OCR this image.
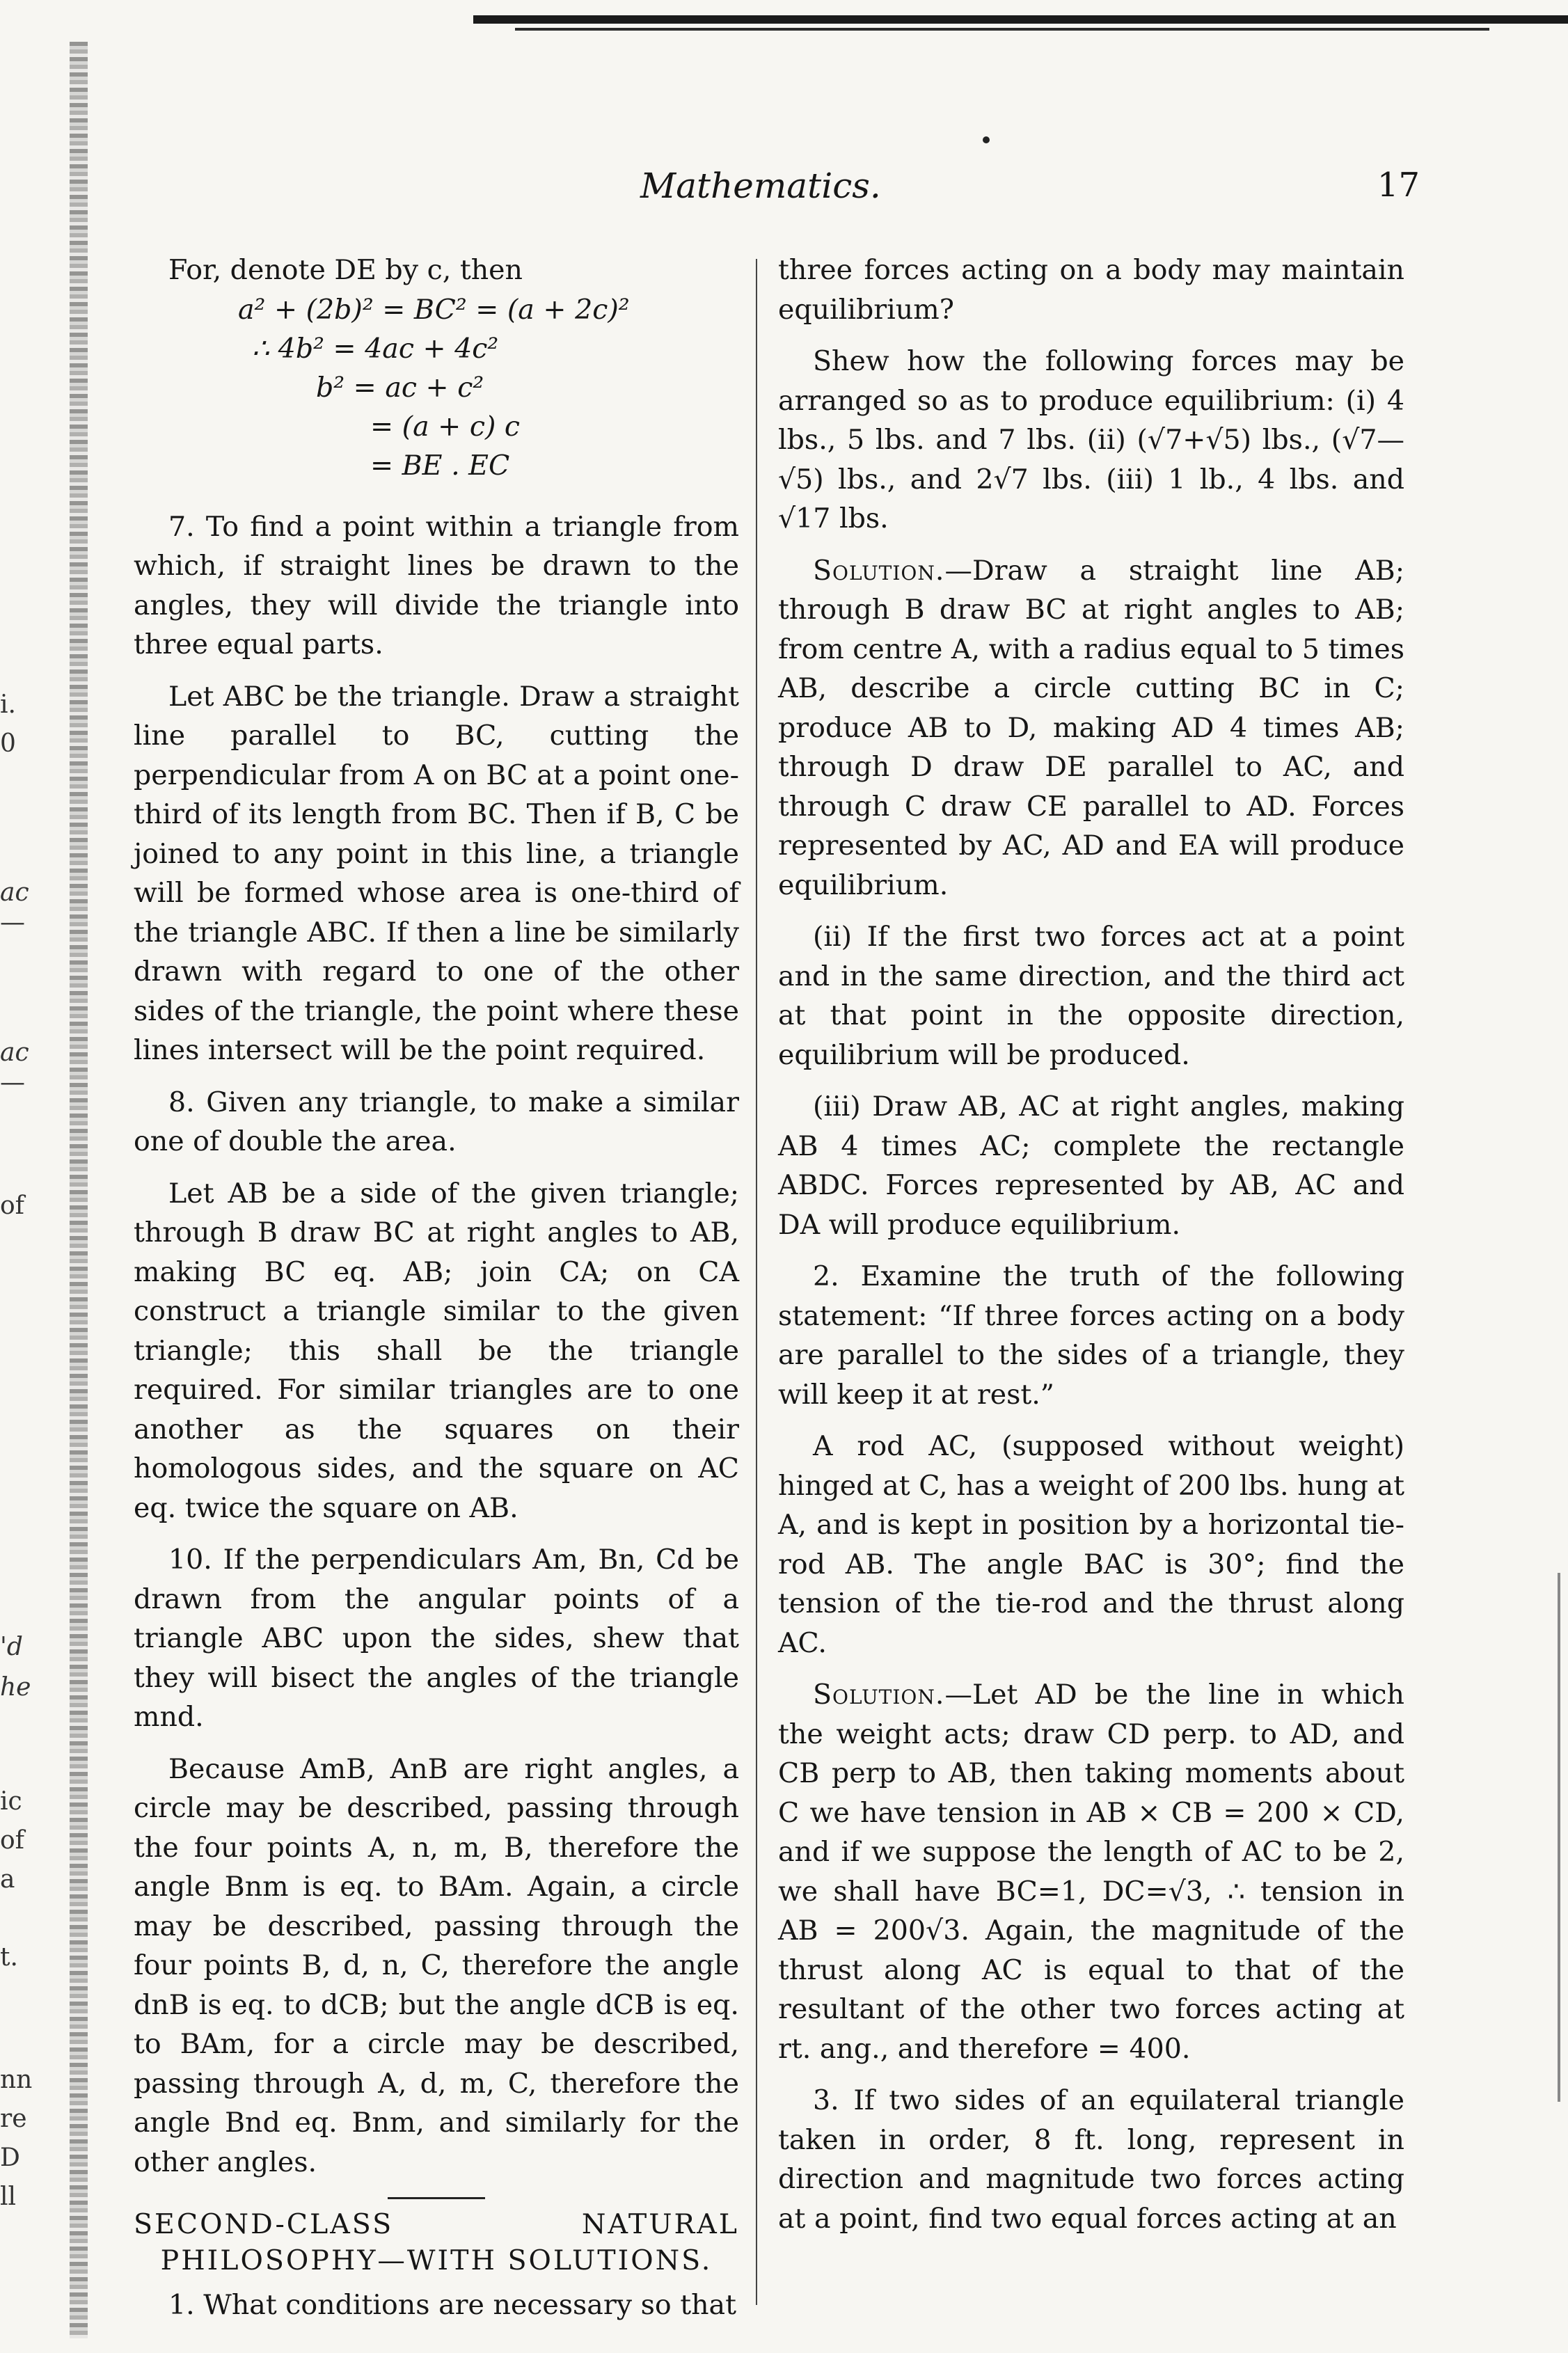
i.
0
ac
—
ac
—
of
'd
he
ic
of
a
t.
nn
re
D
ll
Mathematics.	17

For, denote DE by c, then

a² + (2b)² = BC² = (a + 2c)²
∴ 4b² = 4ac + 4c²
b² = ac + c²
= (a + c) c
= BE . EC

7. To find a point within a triangle from which, if straight lines be drawn to the angles, they will divide the triangle into three equal parts.

Let ABC be the triangle. Draw a straight line parallel to BC, cutting the perpendicular from A on BC at a point one-third of its length from BC. Then if B, C be joined to any point in this line, a triangle will be formed whose area is one-third of the triangle ABC. If then a line be similarly drawn with regard to one of the other sides of the triangle, the point where these lines intersect will be the point required.

8. Given any triangle, to make a similar one of double the area.

Let AB be a side of the given triangle; through B draw BC at right angles to AB, making BC eq. AB; join CA; on CA construct a triangle similar to the given triangle; this shall be the triangle required. For similar triangles are to one another as the squares on their homologous sides, and the square on AC eq. twice the square on AB.

10. If the perpendiculars Am, Bn, Cd be drawn from the angular points of a triangle ABC upon the sides, shew that they will bisect the angles of the triangle mnd.

Because AmB, AnB are right angles, a circle may be described, passing through the four points A, n, m, B, therefore the angle Bnm is eq. to BAm. Again, a circle may be described, passing through the four points B, d, n, C, therefore the angle dnB is eq. to dCB; but the angle dCB is eq. to BAm, for a circle may be described, passing through A, d, m, C, therefore the angle Bnd eq. Bnm, and similarly for the other angles.

SECOND-CLASS NATURAL PHILOSOPHY—WITH SOLUTIONS.

1. What conditions are necessary so that

three forces acting on a body may maintain equilibrium?

Shew how the following forces may be arranged so as to produce equilibrium: (i) 4 lbs., 5 lbs. and 7 lbs. (ii) (√7+√5) lbs., (√7—√5) lbs., and 2√7 lbs. (iii) 1 lb., 4 lbs. and √17 lbs.

Solution.—Draw a straight line AB; through B draw BC at right angles to AB; from centre A, with a radius equal to 5 times AB, describe a circle cutting BC in C; produce AB to D, making AD 4 times AB; through D draw DE parallel to AC, and through C draw CE parallel to AD. Forces represented by AC, AD and EA will produce equilibrium.

(ii) If the first two forces act at a point and in the same direction, and the third act at that point in the opposite direction, equilibrium will be produced.

(iii) Draw AB, AC at right angles, making AB 4 times AC; complete the rectangle ABDC. Forces represented by AB, AC and DA will produce equilibrium.

2. Examine the truth of the following statement: “If three forces acting on a body are parallel to the sides of a triangle, they will keep it at rest.”

A rod AC, (supposed without weight) hinged at C, has a weight of 200 lbs. hung at A, and is kept in position by a horizontal tie-rod AB. The angle BAC is 30°; find the tension of the tie-rod and the thrust along AC.

Solution.—Let AD be the line in which the weight acts; draw CD perp. to AD, and CB perp to AB, then taking moments about C we have tension in AB × CB = 200 × CD, and if we suppose the length of AC to be 2, we shall have BC=1, DC=√3, ∴ tension in AB = 200√3. Again, the magnitude of the thrust along AC is equal to that of the resultant of the other two forces acting at rt. ang., and therefore = 400.

3. If two sides of an equilateral triangle taken in order, 8 ft. long, represent in direction and magnitude two forces acting at a point, find two equal forces acting at an
